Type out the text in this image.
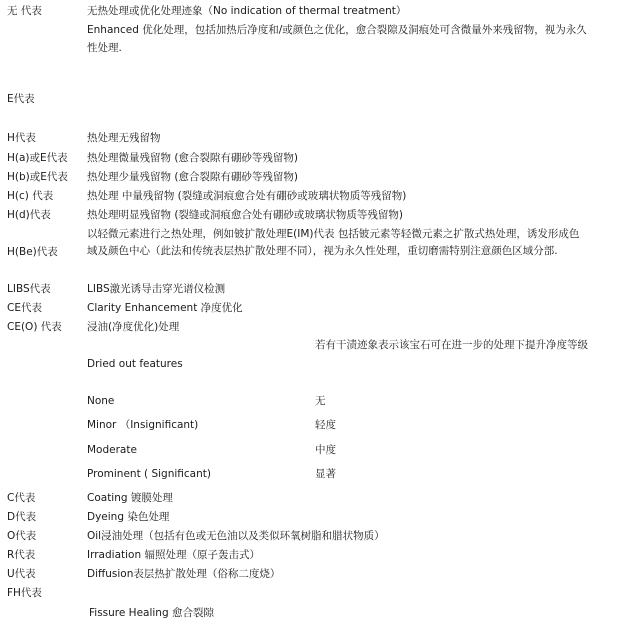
无 代表	无热处理或优化处理迹象（No indication of thermal treatment）
Enhanced 优化处理，包括加热后净度和/或颜色之优化，愈合裂隙及洞痕处可含微量外来残留物，视为永久
性处理.
E代表
H代表	热处理无残留物
H(a)或E代表 热处理微量残留物 (愈合裂隙有硼砂等残留物)
H(b)或E代表 热处理少量残留物 (愈合裂隙有硼砂等残留物)
H(c) 代表	热处理 中量残留物 (裂缝或洞痕愈合处有硼砂或玻璃状物质等残留物)
H(d)代表	热处理明显残留物 (裂缝或洞痕愈合处有硼砂或玻璃状物质等残留物)
以轻微元素进行之热处理，例如铍扩散处理E(IM)代表 包括铍元素等轻微元素之扩散式热处理，诱发形成色
H(Be)代表	域及颜色中心（此法和传统表层热扩散处理不同），视为永久性处理，重切磨需特别注意颜色区域分部.
LIBS代表	LIBS激光诱导击穿光谱仪检测
CE代表	Clarity Enhancement 净度优化
CE(O) 代表 浸油(净度优化)处理
若有干渍迹象表示该宝石可在进一步的处理下提升净度等级
Dried out features
None	无
Minor （Insignificant)	轻度
Moderate	中度
Prominent ( Significant)	显著
C代表	Coating 镀膜处理
D代表	Dyeing 染色处理
O代表	Oil浸油处理（包括有色或无色油以及类似环氧树脂和腊状物质）
R代表	Irradiation 辐照处理（原子轰击式）
U代表	Diffusion表层热扩散处理（俗称二度烧）
FH代表
Fissure Healing 愈合裂隙
